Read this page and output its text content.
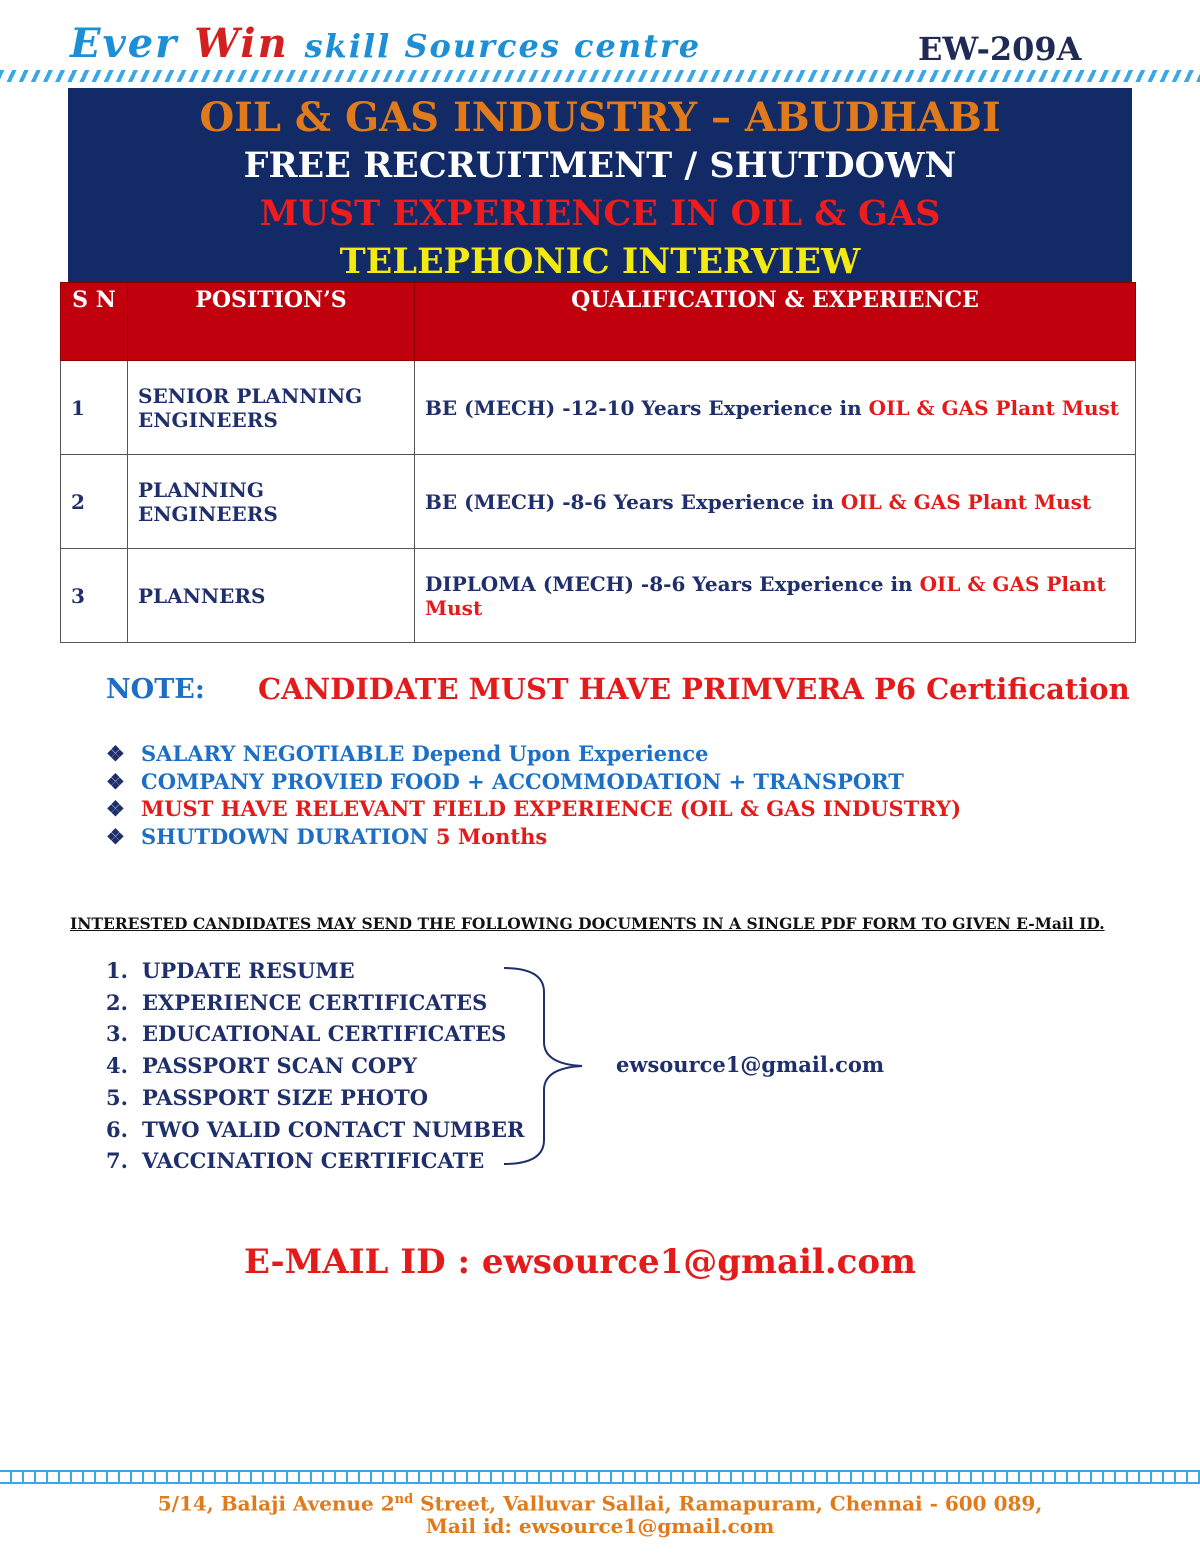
Ever Win skill Sources centre	EW-209A
OIL & GAS INDUSTRY – ABUDHABI
FREE RECRUITMENT / SHUTDOWN
MUST EXPERIENCE IN OIL & GAS
TELEPHONIC INTERVIEW
S N	POSITION’S	QUALIFICATION & EXPERIENCE
1	SENIOR PLANNING ENGINEERS	BE (MECH) -12-10 Years Experience in OIL & GAS Plant Must
2	PLANNING ENGINEERS	BE (MECH) -8-6 Years Experience in OIL & GAS Plant Must
3	PLANNERS	DIPLOMA (MECH) -8-6 Years Experience in OIL & GAS Plant Must
NOTE: CANDIDATE MUST HAVE PRIMVERA P6 Certification
❖ SALARY NEGOTIABLE Depend Upon Experience
❖ COMPANY PROVIED FOOD + ACCOMMODATION + TRANSPORT
❖ MUST HAVE RELEVANT FIELD EXPERIENCE (OIL & GAS INDUSTRY)
❖ SHUTDOWN DURATION 5 Months
INTERESTED CANDIDATES MAY SEND THE FOLLOWING DOCUMENTS IN A SINGLE PDF FORM TO GIVEN E-Mail ID.
1. UPDATE RESUME
2. EXPERIENCE CERTIFICATES
3. EDUCATIONAL CERTIFICATES
4. PASSPORT SCAN COPY
5. PASSPORT SIZE PHOTO
6. TWO VALID CONTACT NUMBER
7. VACCINATION CERTIFICATE
ewsource1@gmail.com
E-MAIL ID : ewsource1@gmail.com
5/14, Balaji Avenue 2nd Street, Valluvar Sallai, Ramapuram, Chennai - 600 089,
Mail id: ewsource1@gmail.com
